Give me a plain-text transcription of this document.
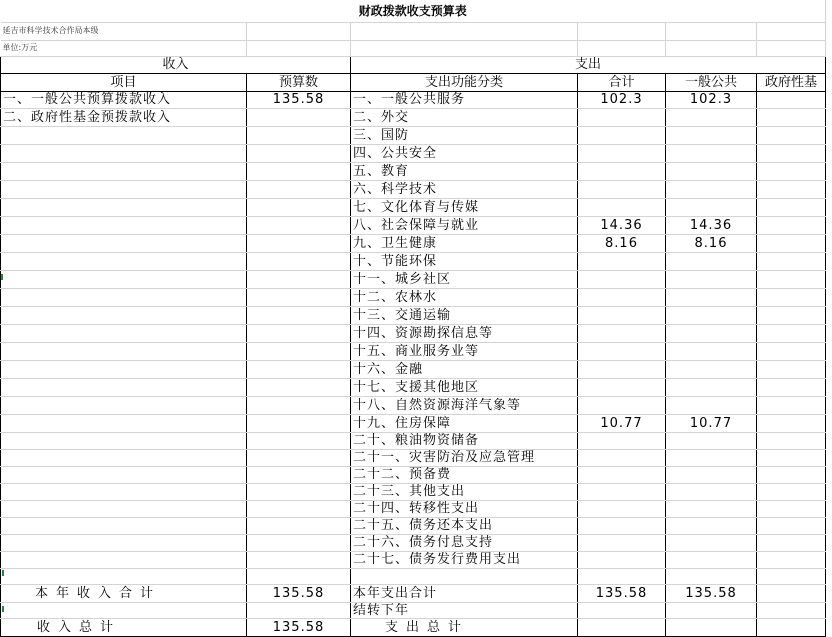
财政拨款收支预算表					
延吉市科学技术合作局本级					
单位:万元					
收入		支出			
项目	预算数	支出功能分类	合计	一般公共	政府性基
一、一般公共预算拨款收入	135.58	一、一般公共服务	102.3	102.3	
二、政府性基金预拨款收入		二、外交			
		三、国防			
		四、公共安全			
		五、教育			
		六、科学技术			
		七、文化体育与传媒			
		八、社会保障与就业	14.36	14.36	
		九、卫生健康	8.16	8.16	
		十、节能环保			
		十一、城乡社区			
		十二、农林水			
		十三、交通运输			
		十四、资源勘探信息等			
		十五、商业服务业等			
		十六、金融			
		十七、支援其他地区			
		十八、自然资源海洋气象等			
		十九、住房保障	10.77	10.77	
		二十、粮油物资储备			
		二十一、灾害防治及应急管理			
		二十二、预备费			
		二十三、其他支出			
		二十四、转移性支出			
		二十五、债务还本支出			
		二十六、债务付息支持			
		二十七、债务发行费用支出			

本年收入合计	135.58	本年支出合计	135.58	135.58	
		结转下年			
收入总计	135.58	支出总计			
